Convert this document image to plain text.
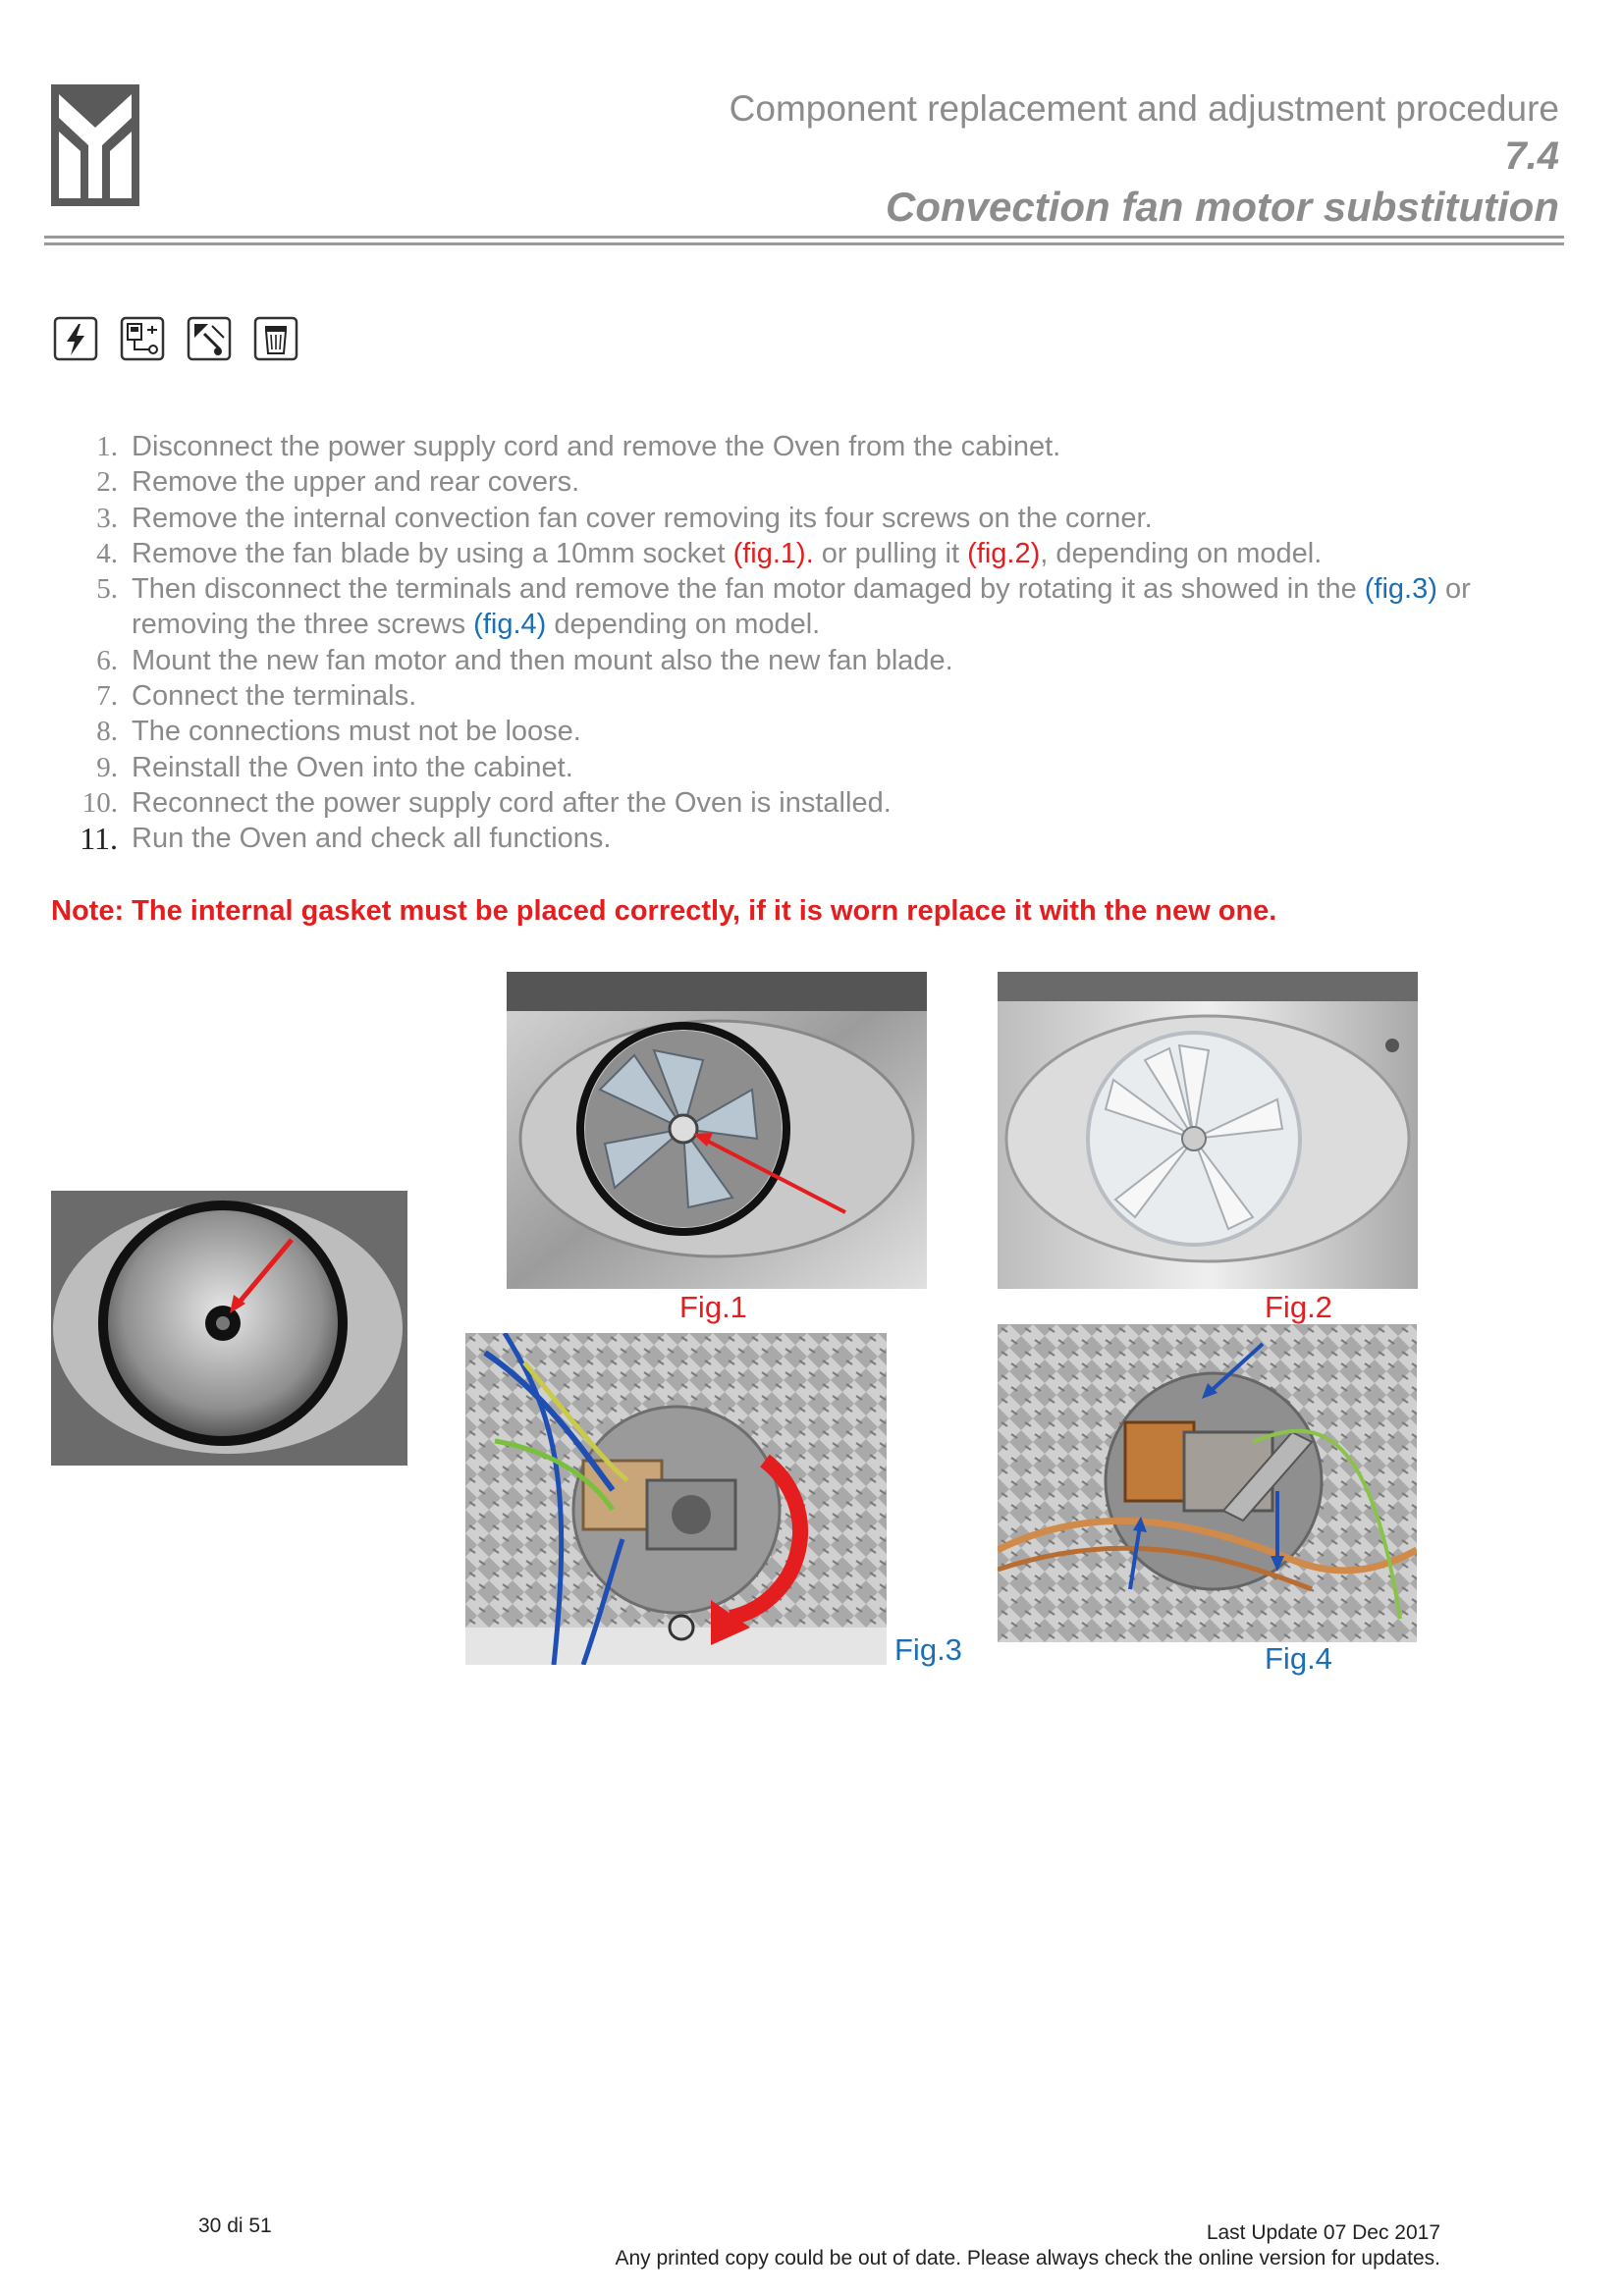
Component replacement and adjustment procedure
7.4
Convection fan motor substitution
1. Disconnect the power supply cord and remove the Oven from the cabinet.
2. Remove the upper and rear covers.
3. Remove the internal convection fan cover removing its four screws on the corner.
4. Remove the fan blade by using a 10mm socket (fig.1). or pulling it (fig.2), depending on model.
5. Then disconnect the terminals and remove the fan motor damaged by rotating it as showed in the (fig.3) or removing the three screws (fig.4) depending on model.
6. Mount the new fan motor and then mount also the new fan blade.
7. Connect the terminals.
8. The connections must not be loose.
9. Reinstall the Oven into the cabinet.
10. Reconnect the power supply cord after the Oven is installed.
11. Run the Oven and check all functions.
Note: The internal gasket must be placed correctly, if it is worn replace it with the new one.
Fig.1	Fig.2
Fig.3	Fig.4
30 di 51	Last Update 07 Dec 2017
Any printed copy could be out of date. Please always check the online version for updates.
